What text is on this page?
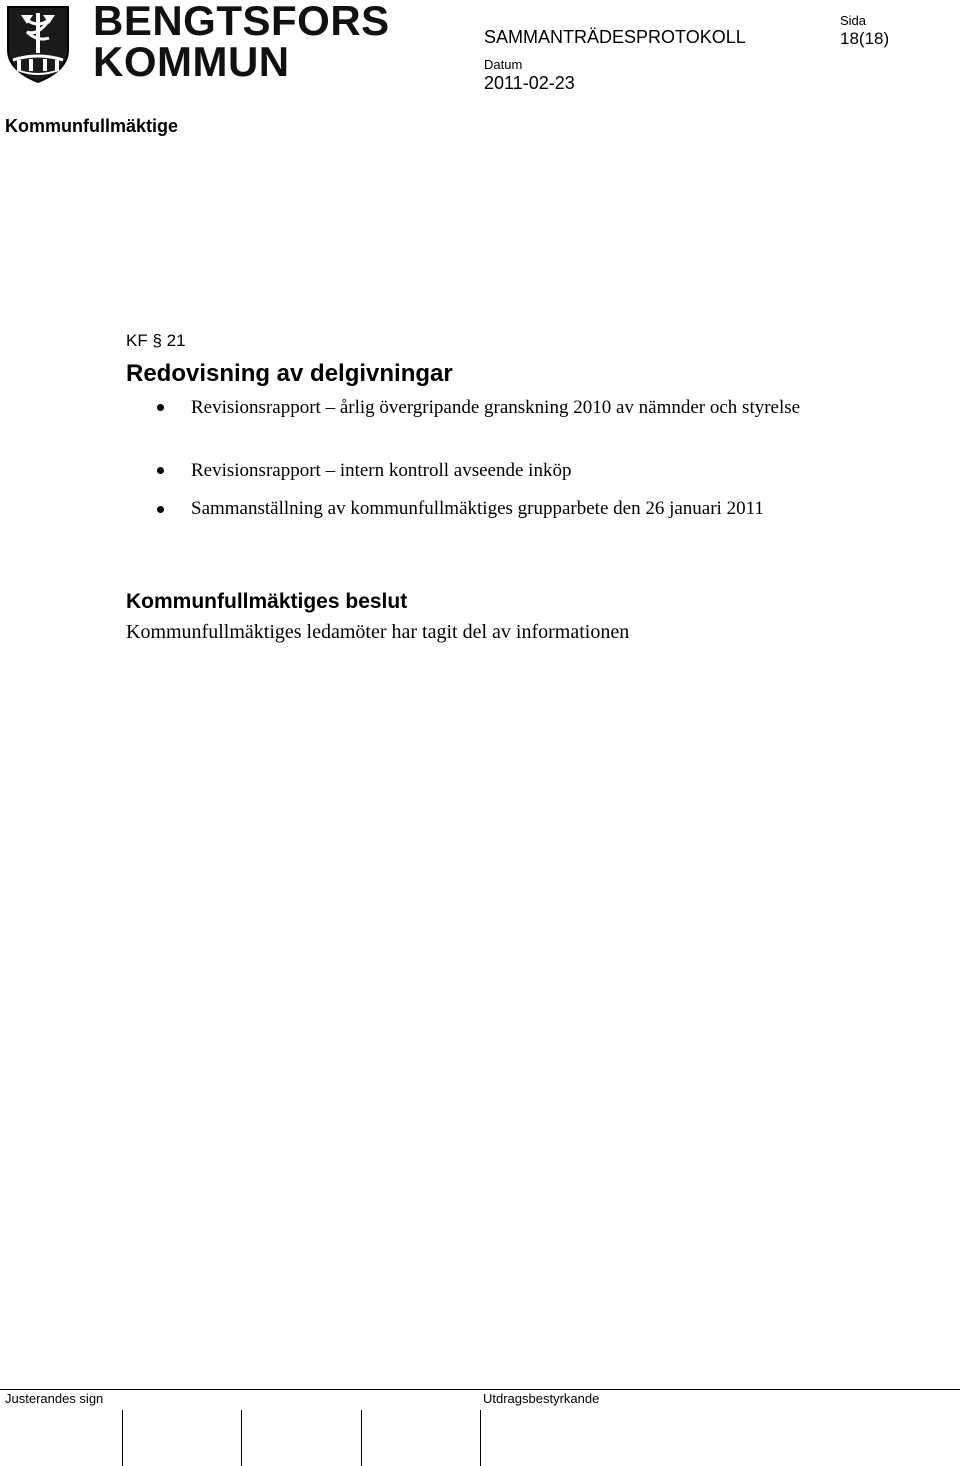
BENGTSFORS
KOMMUN
SAMMANTRÄDESPROTOKOLL
Sida
18(18)
Datum
2011-02-23
Kommunfullmäktige
KF § 21
Redovisning av delgivningar
Revisionsrapport – årlig övergripande granskning 2010 av nämnder och styrelse
Revisionsrapport – intern kontroll avseende inköp
Sammanställning av kommunfullmäktiges grupparbete den 26 januari 2011
Kommunfullmäktiges beslut
Kommunfullmäktiges ledamöter har tagit del av informationen
Justerandes sign	Utdragsbestyrkande
